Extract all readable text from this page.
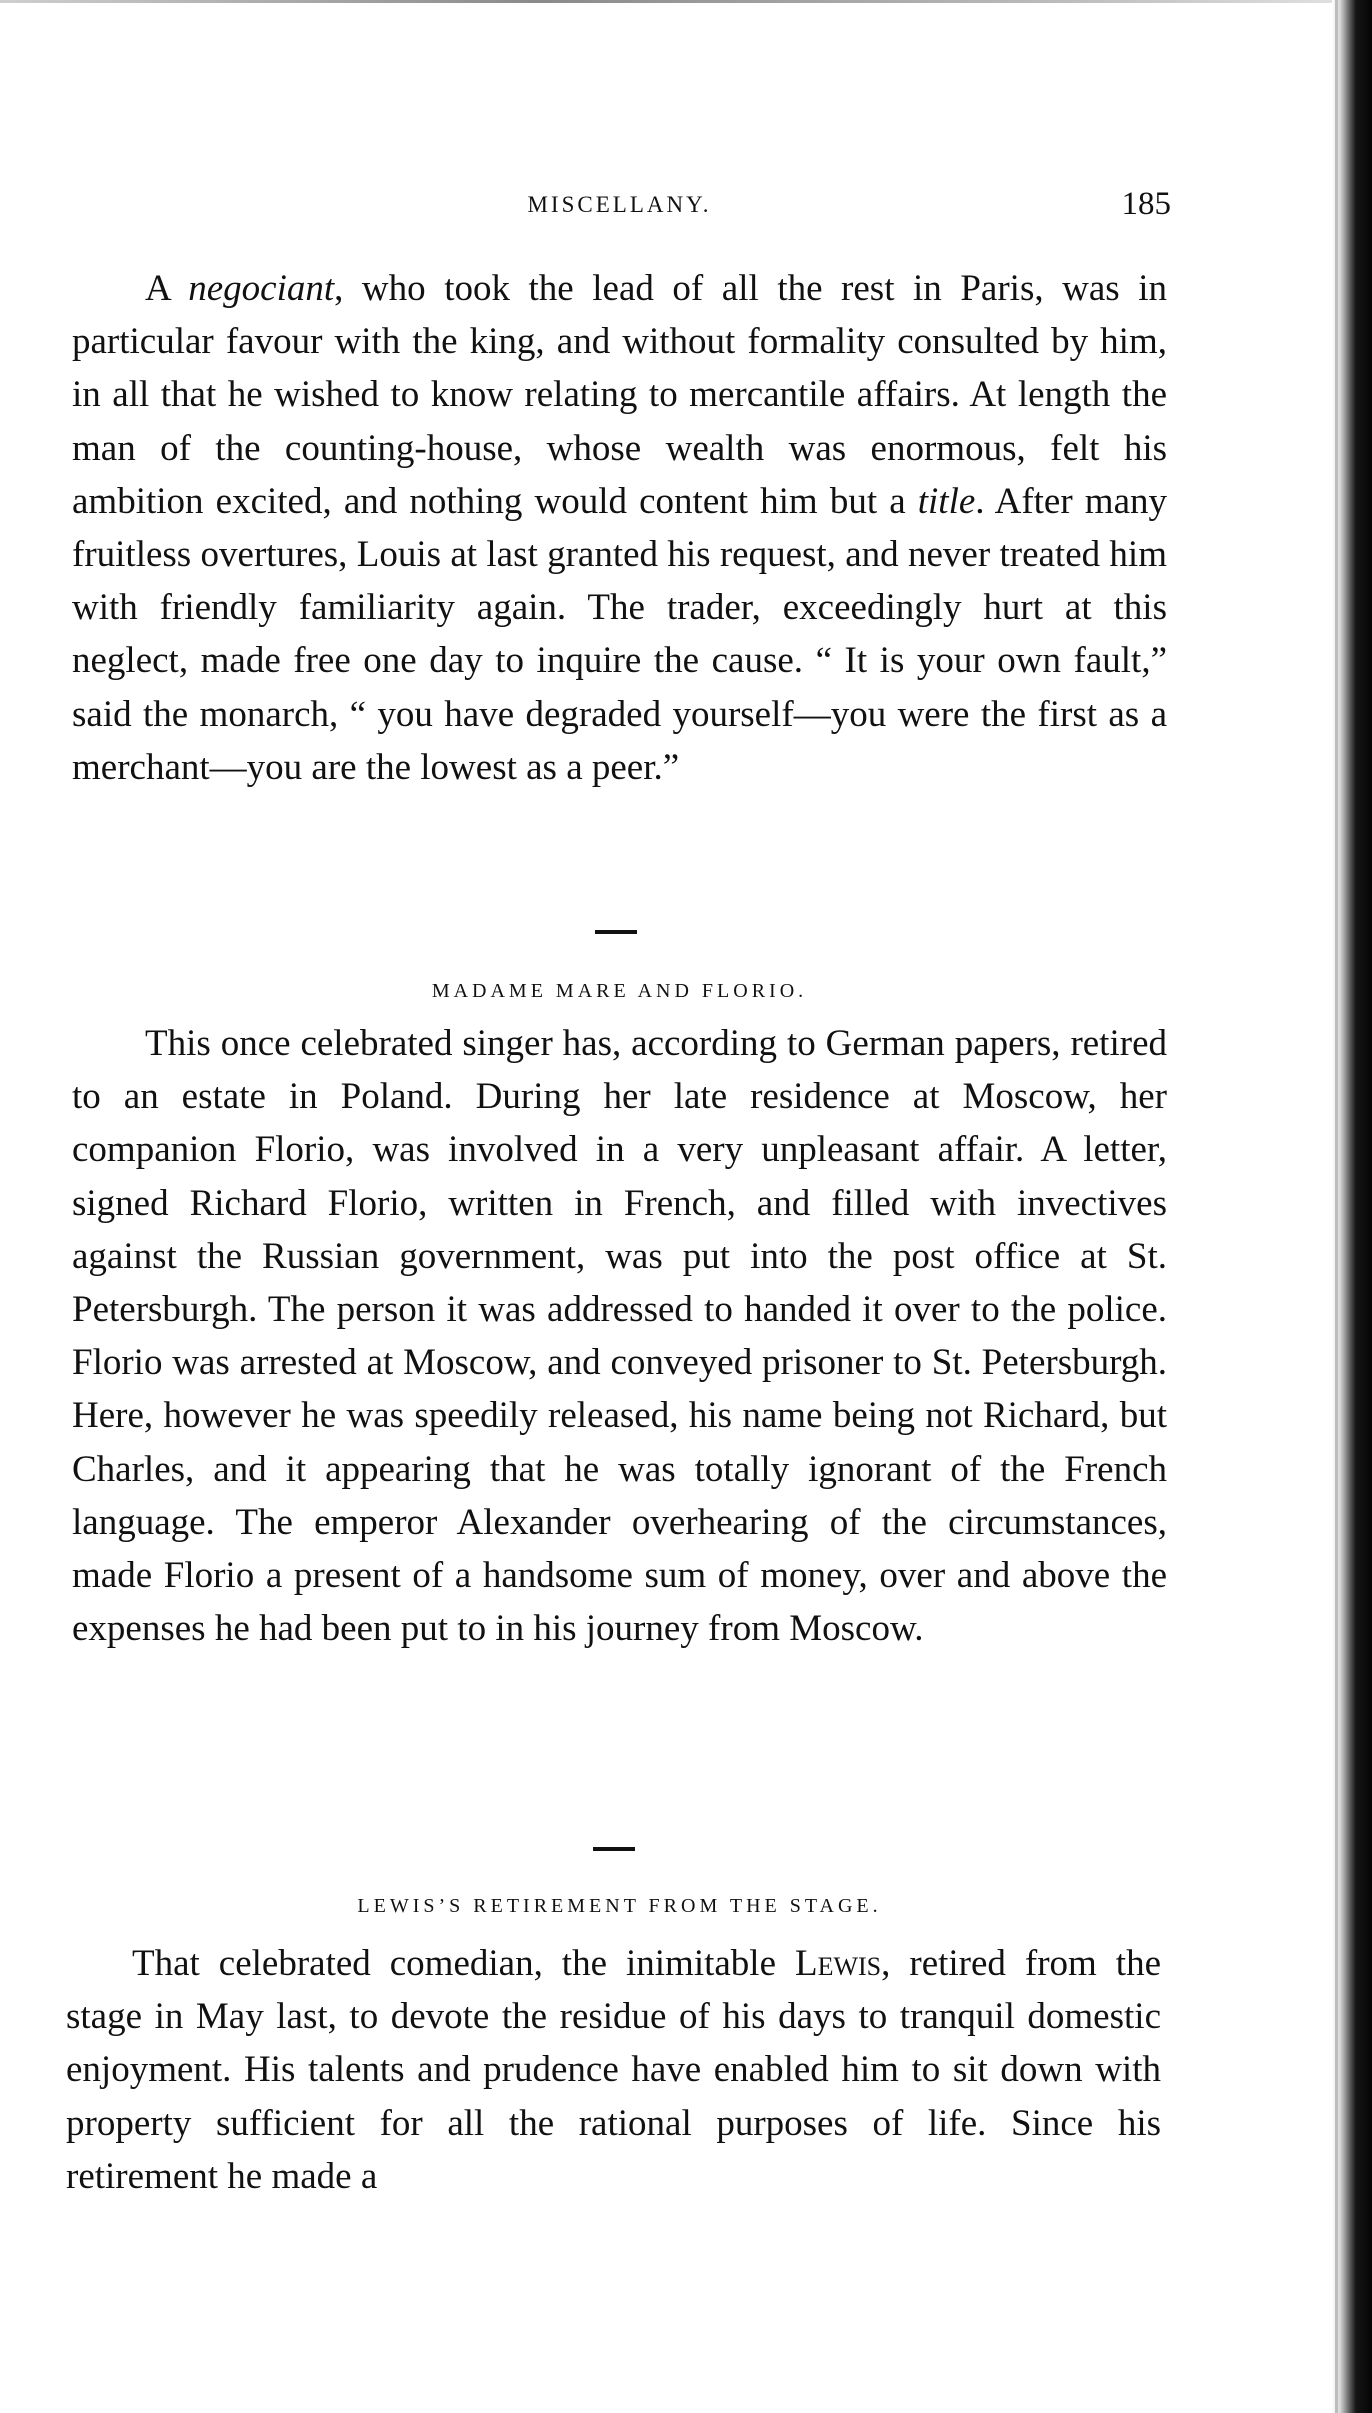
MISCELLANY.	185
A negociant, who took the lead of all the rest in Paris, was in particular favour with the king, and without formality consulted by him, in all that he wished to know relating to mercantile affairs. At length the man of the counting-house, whose wealth was enormous, felt his ambition excited, and nothing would content him but a title. After many fruitless overtures, Louis at last granted his request, and never treated him with friendly familiarity again. The trader, exceedingly hurt at this neglect, made free one day to inquire the cause. “ It is your own fault,” said the monarch, “ you have degraded yourself—you were the first as a merchant—you are the lowest as a peer.”
MADAME MARE AND FLORIO.
This once celebrated singer has, according to German papers, retired to an estate in Poland. During her late residence at Moscow, her companion Florio, was involved in a very unpleasant affair. A letter, signed Richard Florio, written in French, and filled with invectives against the Russian government, was put into the post office at St. Petersburgh. The person it was addressed to handed it over to the police. Florio was arrested at Moscow, and conveyed prisoner to St. Petersburgh. Here, however he was speedily released, his name being not Richard, but Charles, and it appearing that he was totally ignorant of the French language. The emperor Alexander overhearing of the circumstances, made Florio a present of a handsome sum of money, over and above the expenses he had been put to in his journey from Moscow.
LEWIS’S RETIREMENT FROM THE STAGE.
That celebrated comedian, the inimitable Lewis, retired from the stage in May last, to devote the residue of his days to tranquil domestic enjoyment. His talents and prudence have enabled him to sit down with property sufficient for all the rational purposes of life. Since his retirement he made a
